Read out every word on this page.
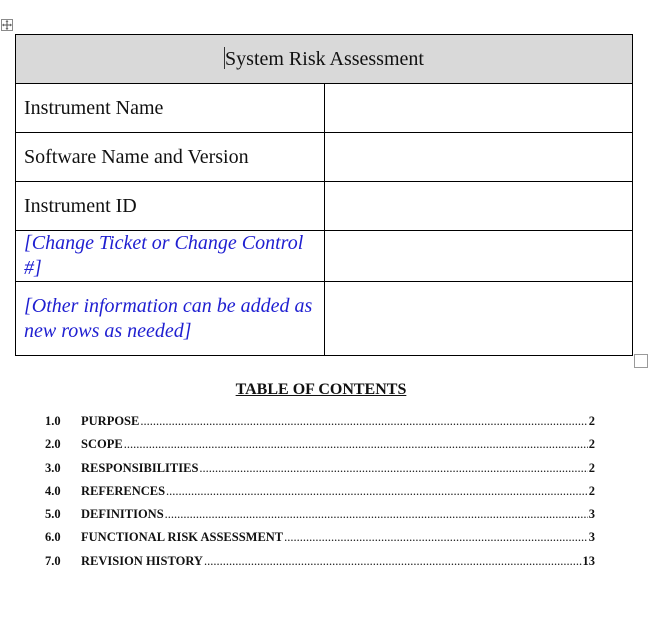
System Risk Assessment	
Instrument Name	
Software Name and Version	
Instrument ID	
[Change Ticket or Change Control #]	
[Other information can be added as new rows as needed]	
TABLE OF CONTENTS
1.0	PURPOSE .....	2
2.0	SCOPE .....	2
3.0	RESPONSIBILITIES .....	2
4.0	REFERENCES .....	2
5.0	DEFINITIONS .....	3
6.0	FUNCTIONAL RISK ASSESSMENT .....	3
7.0	REVISION HISTORY .....	13
